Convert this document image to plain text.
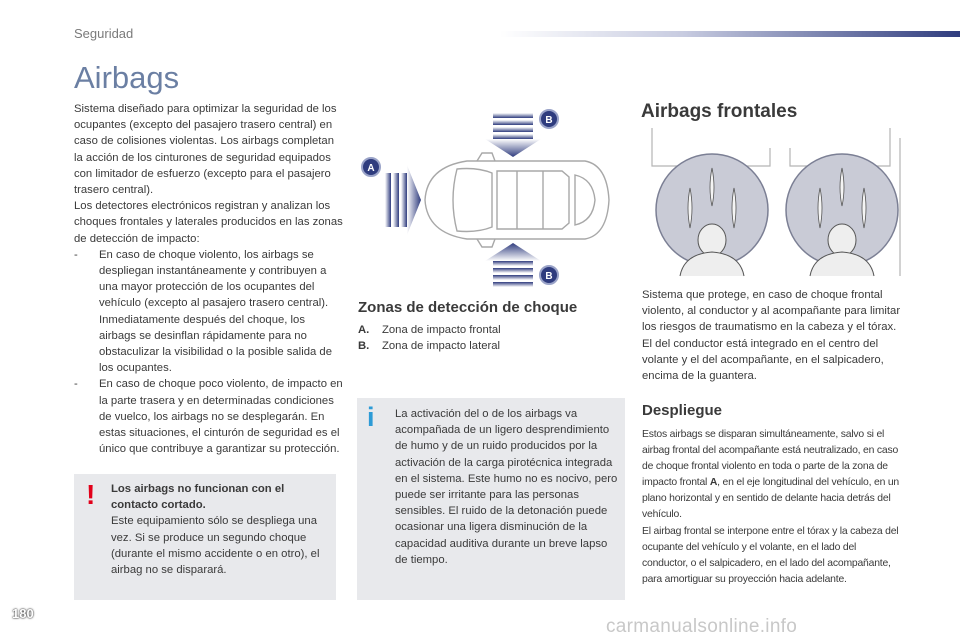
Seguridad
Airbags

Sistema diseñado para optimizar la seguridad de los ocupantes (excepto del pasajero trasero central) en caso de colisiones violentas. Los airbags completan la acción de los cinturones de seguridad equipados con limitador de esfuerzo (excepto para el pasajero trasero central).

Los detectores electrónicos registran y analizan los choques frontales y laterales producidos en las zonas de detección de impacto:

- En caso de choque violento, los airbags se despliegan instantáneamente y contribuyen a una mayor protección de los ocupantes del vehículo (excepto al pasajero trasero central). Inmediatamente después del choque, los airbags se desinflan rápidamente para no obstaculizar la visibilidad o la posible salida de los ocupantes.

- En caso de choque poco violento, de impacto en la parte trasera y en determinadas condiciones de vuelco, los airbags no se desplegarán. En estas situaciones, el cinturón de seguridad es el único que contribuye a garantizar su protección.

!	Los airbags no funcionan con el contacto cortado.
Este equipamiento sólo se despliega una vez. Si se produce un segundo choque (durante el mismo accidente o en otro), el airbag no se disparará.
A
B
B
Zonas de detección de choque
A. Zona de impacto frontal
B. Zona de impacto lateral
i	La activación del o de los airbags va acompañada de un ligero desprendimiento de humo y de un ruido producidos por la activación de la carga pirotécnica integrada en el sistema. Este humo no es nocivo, pero puede ser irritante para las personas sensibles. El ruido de la detonación puede ocasionar una ligera disminución de la capacidad auditiva durante un breve lapso de tiempo.
Airbags frontales

Sistema que protege, en caso de choque frontal violento, al conductor y al acompañante para limitar los riesgos de traumatismo en la cabeza y el tórax.

El del conductor está integrado en el centro del volante y el del acompañante, en el salpicadero, encima de la guantera.

Despliegue

Estos airbags se disparan simultáneamente, salvo si el airbag frontal del acompañante está neutralizado, en caso de choque frontal violento en toda o parte de la zona de impacto frontal A, en el eje longitudinal del vehículo, en un plano horizontal y en sentido de delante hacia detrás del vehículo.

El airbag frontal se interpone entre el tórax y la cabeza del ocupante del vehículo y el volante, en el lado del conductor, o el salpicadero, en el lado del acompañante, para amortiguar su proyección hacia adelante.

180
carmanualsonline.info
